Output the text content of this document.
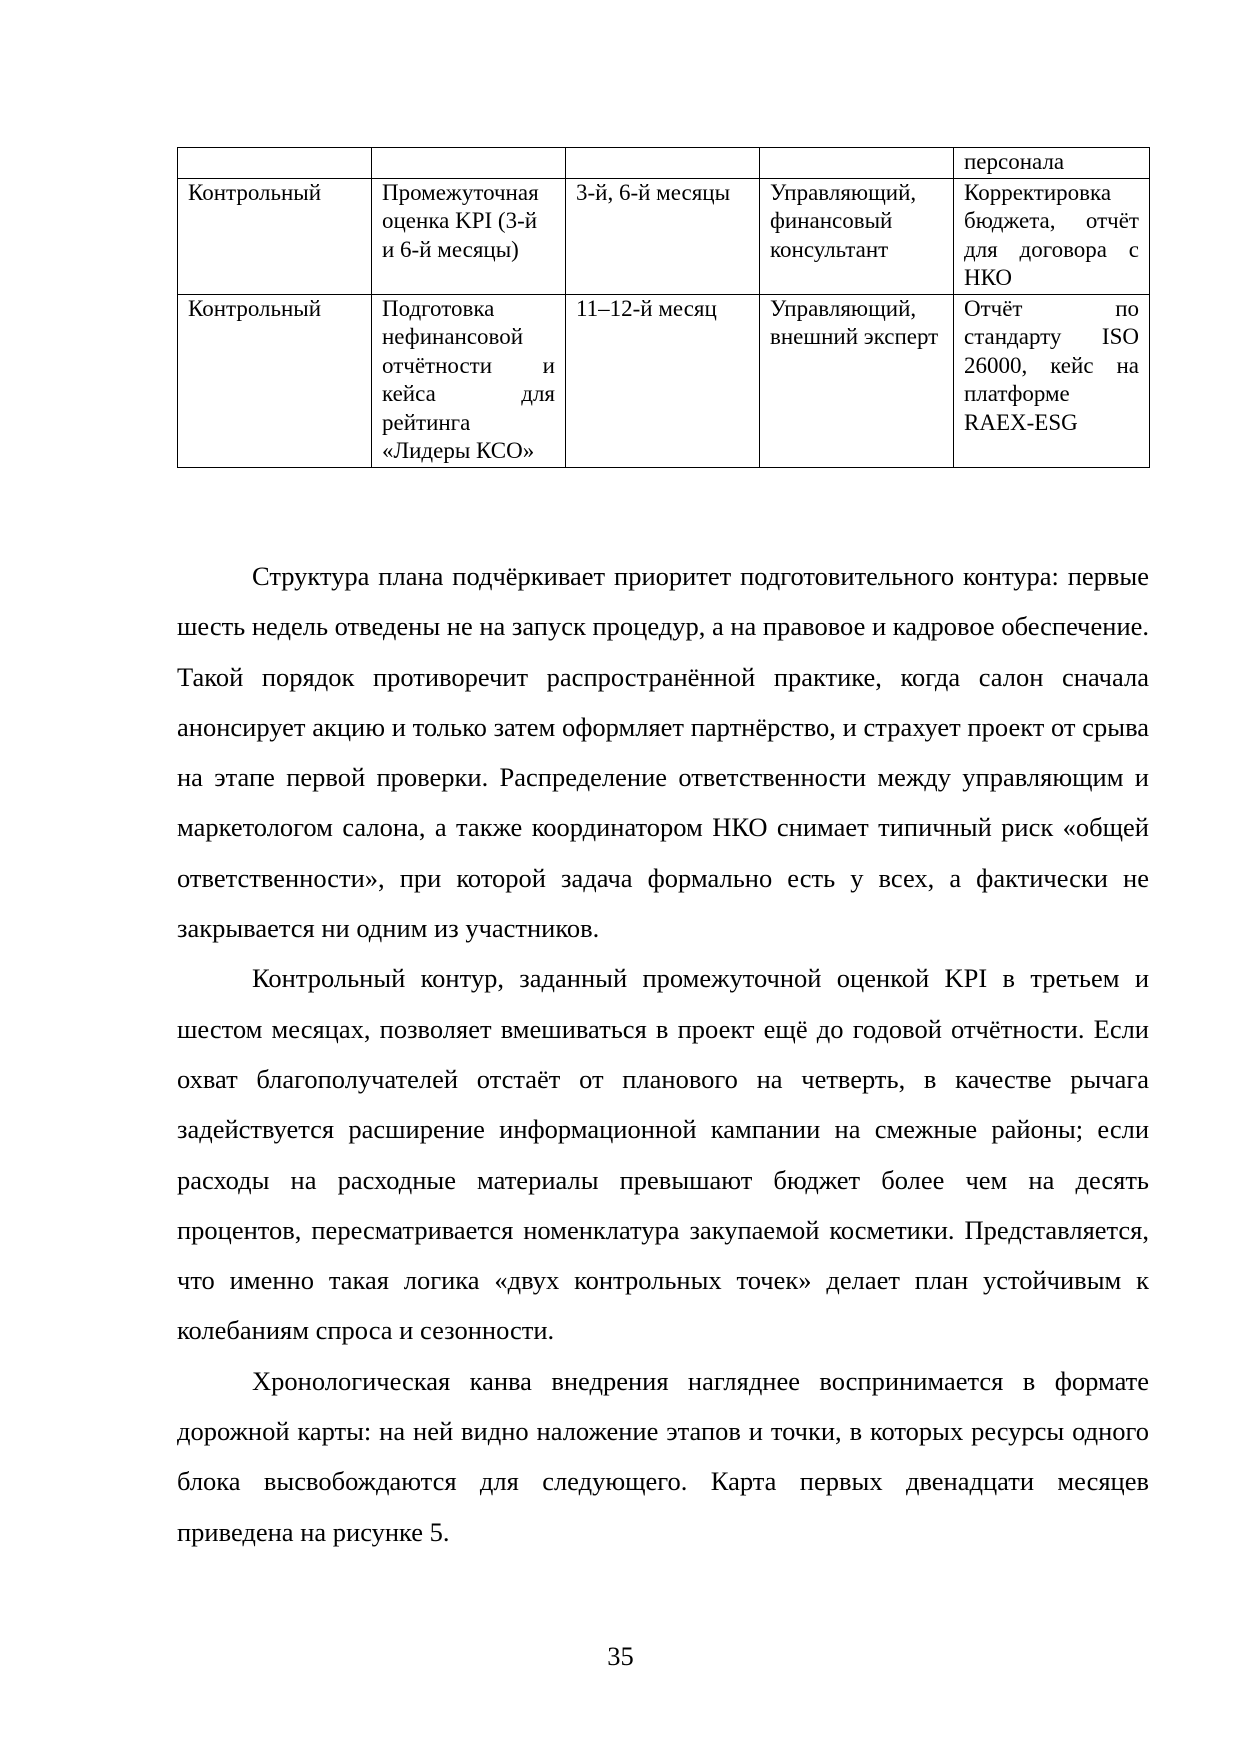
				персонала
Контрольный	Промежуточная оценка KPI (3-й и 6-й месяцы)	3-й, 6-й месяцы	Управляющий, финансовый консультант	Корректировка бюджета, отчёт для договора с НКО
Контрольный	Подготовка нефинансовой отчётности и кейса для рейтинга «Лидеры КСО»	11–12-й месяц	Управляющий, внешний эксперт	Отчёт по стандарту ISO 26000, кейс на платформе RAEX-ESG

Структура плана подчёркивает приоритет подготовительного контура: первые шесть недель отведены не на запуск процедур, а на правовое и кадровое обеспечение. Такой порядок противоречит распространённой практике, когда салон сначала анонсирует акцию и только затем оформляет партнёрство, и страхует проект от срыва на этапе первой проверки. Распределение ответственности между управляющим и маркетологом салона, а также координатором НКО снимает типичный риск «общей ответственности», при которой задача формально есть у всех, а фактически не закрывается ни одним из участников.

Контрольный контур, заданный промежуточной оценкой KPI в третьем и шестом месяцах, позволяет вмешиваться в проект ещё до годовой отчётности. Если охват благополучателей отстаёт от планового на четверть, в качестве рычага задействуется расширение информационной кампании на смежные районы; если расходы на расходные материалы превышают бюджет более чем на десять процентов, пересматривается номенклатура закупаемой косметики. Представляется, что именно такая логика «двух контрольных точек» делает план устойчивым к колебаниям спроса и сезонности.

Хронологическая канва внедрения нагляднее воспринимается в формате дорожной карты: на ней видно наложение этапов и точки, в которых ресурсы одного блока высвобождаются для следующего. Карта первых двенадцати месяцев приведена на рисунке 5.

35
